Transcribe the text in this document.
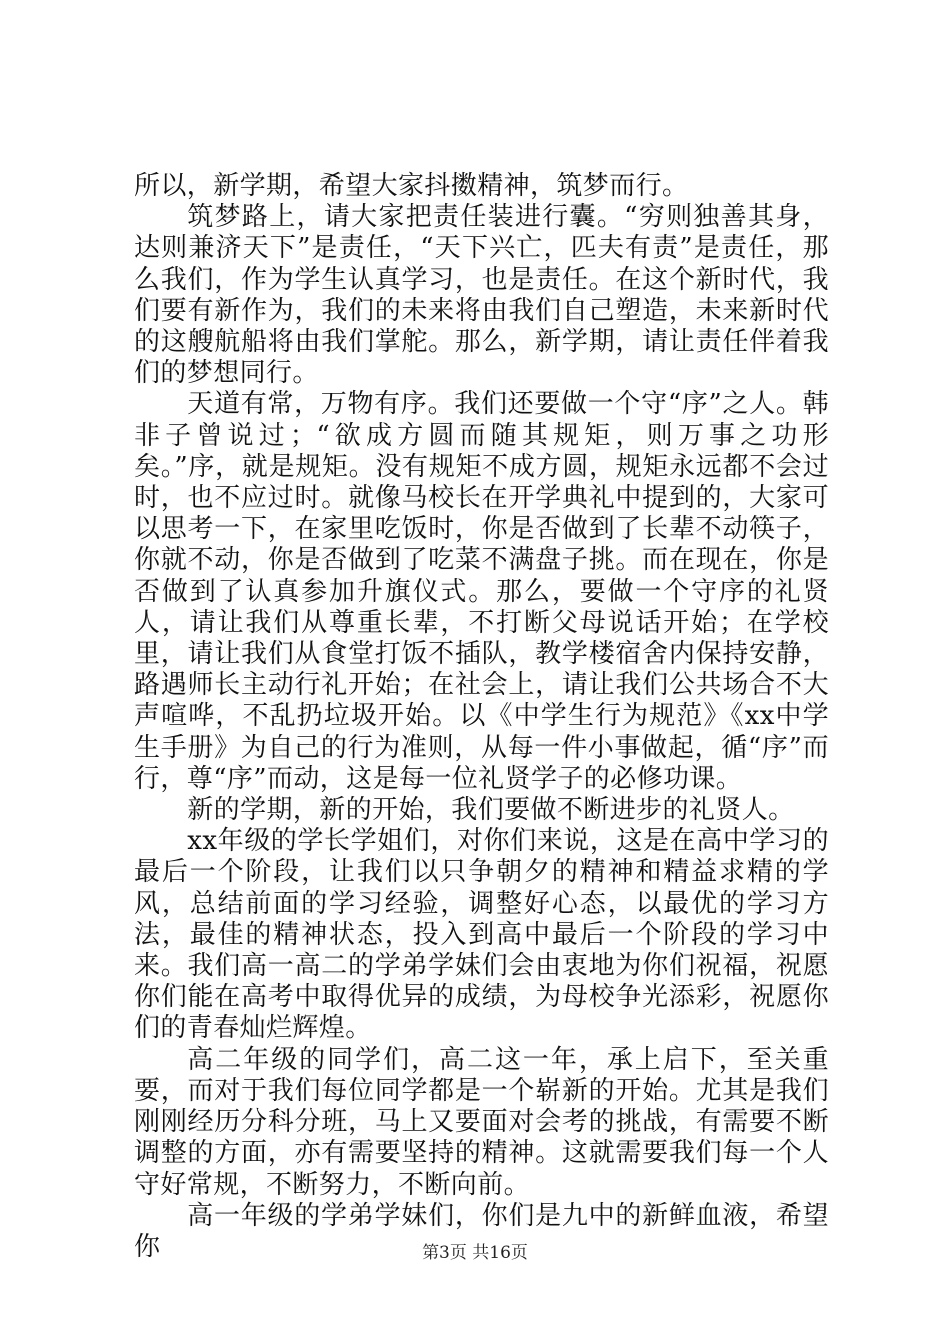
所以，新学期，希望大家抖擞精神，筑梦而行。

筑梦路上，请大家把责任装进行囊。“穷则独善其身，达则兼济天下”是责任，“天下兴亡，匹夫有责”是责任，那么我们，作为学生认真学习，也是责任。在这个新时代，我们要有新作为，我们的未来将由我们自己塑造，未来新时代的这艘航船将由我们掌舵。那么，新学期，请让责任伴着我们的梦想同行。

天道有常，万物有序。我们还要做一个守“序”之人。韩非子曾说过；“欲成方圆而随其规矩，则万事之功形矣。”序，就是规矩。没有规矩不成方圆，规矩永远都不会过时，也不应过时。就像马校长在开学典礼中提到的，大家可以思考一下，在家里吃饭时，你是否做到了长辈不动筷子，你就不动，你是否做到了吃菜不满盘子挑。而在现在，你是否做到了认真参加升旗仪式。那么，要做一个守序的礼贤人，请让我们从尊重长辈，不打断父母说话开始；在学校里，请让我们从食堂打饭不插队，教学楼宿舍内保持安静，路遇师长主动行礼开始；在社会上，请让我们公共场合不大声喧哗，不乱扔垃圾开始。以《中学生行为规范》《xx中学生手册》为自己的行为准则，从每一件小事做起，循“序”而行，尊“序”而动，这是每一位礼贤学子的必修功课。

新的学期，新的开始，我们要做不断进步的礼贤人。

xx年级的学长学姐们，对你们来说，这是在高中学习的最后一个阶段，让我们以只争朝夕的精神和精益求精的学风，总结前面的学习经验，调整好心态，以最优的学习方法，最佳的精神状态，投入到高中最后一个阶段的学习中来。我们高一高二的学弟学妹们会由衷地为你们祝福，祝愿你们能在高考中取得优异的成绩，为母校争光添彩，祝愿你们的青春灿烂辉煌。

高二年级的同学们，高二这一年，承上启下，至关重要，而对于我们每位同学都是一个崭新的开始。尤其是我们刚刚经历分科分班，马上又要面对会考的挑战，有需要不断调整的方面，亦有需要坚持的精神。这就需要我们每一个人守好常规，不断努力，不断向前。

高一年级的学弟学妹们，你们是九中的新鲜血液，希望你	第3页 共16页
